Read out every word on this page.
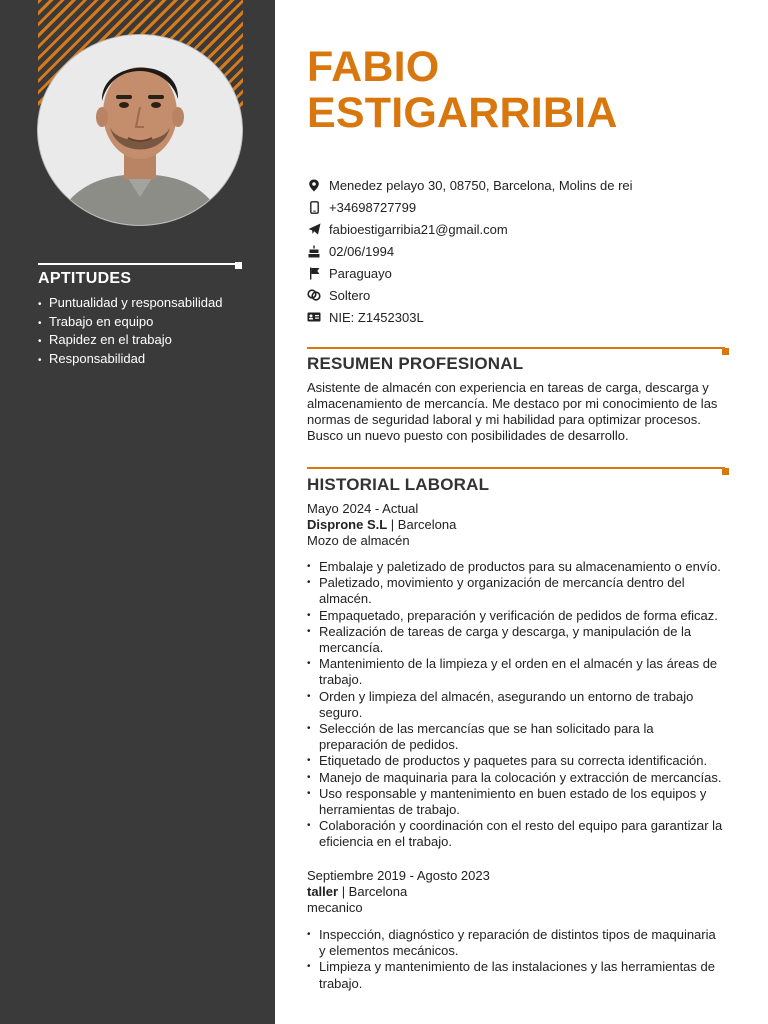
APTITUDES
• Puntualidad y responsabilidad
• Trabajo en equipo
• Rapidez en el trabajo
• Responsabilidad
FABIO
ESTIGARRIBIA
Menedez pelayo 30, 08750, Barcelona, Molins de rei
+34698727799
fabioestigarribia21@gmail.com
02/06/1994
Paraguayo
Soltero
NIE: Z1452303L
RESUMEN PROFESIONAL

Asistente de almacén con experiencia en tareas de carga, descarga y almacenamiento de mercancía. Me destaco por mi conocimiento de las normas de seguridad laboral y mi habilidad para optimizar procesos. Busco un nuevo puesto con posibilidades de desarrollo.

HISTORIAL LABORAL
Mayo 2024 - Actual
Disprone S.L | Barcelona
Mozo de almacén
• Embalaje y paletizado de productos para su almacenamiento o envío.
• Paletizado, movimiento y organización de mercancía dentro del almacén.
• Empaquetado, preparación y verificación de pedidos de forma eficaz.
• Realización de tareas de carga y descarga, y manipulación de la mercancía.
• Mantenimiento de la limpieza y el orden en el almacén y las áreas de trabajo.
• Orden y limpieza del almacén, asegurando un entorno de trabajo seguro.
• Selección de las mercancías que se han solicitado para la preparación de pedidos.
• Etiquetado de productos y paquetes para su correcta identificación.
• Manejo de maquinaria para la colocación y extracción de mercancías.
• Uso responsable y mantenimiento en buen estado de los equipos y herramientas de trabajo.
• Colaboración y coordinación con el resto del equipo para garantizar la eficiencia en el trabajo.
Septiembre 2019 - Agosto 2023
taller | Barcelona
mecanico
• Inspección, diagnóstico y reparación de distintos tipos de maquinaria y elementos mecánicos.
• Limpieza y mantenimiento de las instalaciones y las herramientas de trabajo.
